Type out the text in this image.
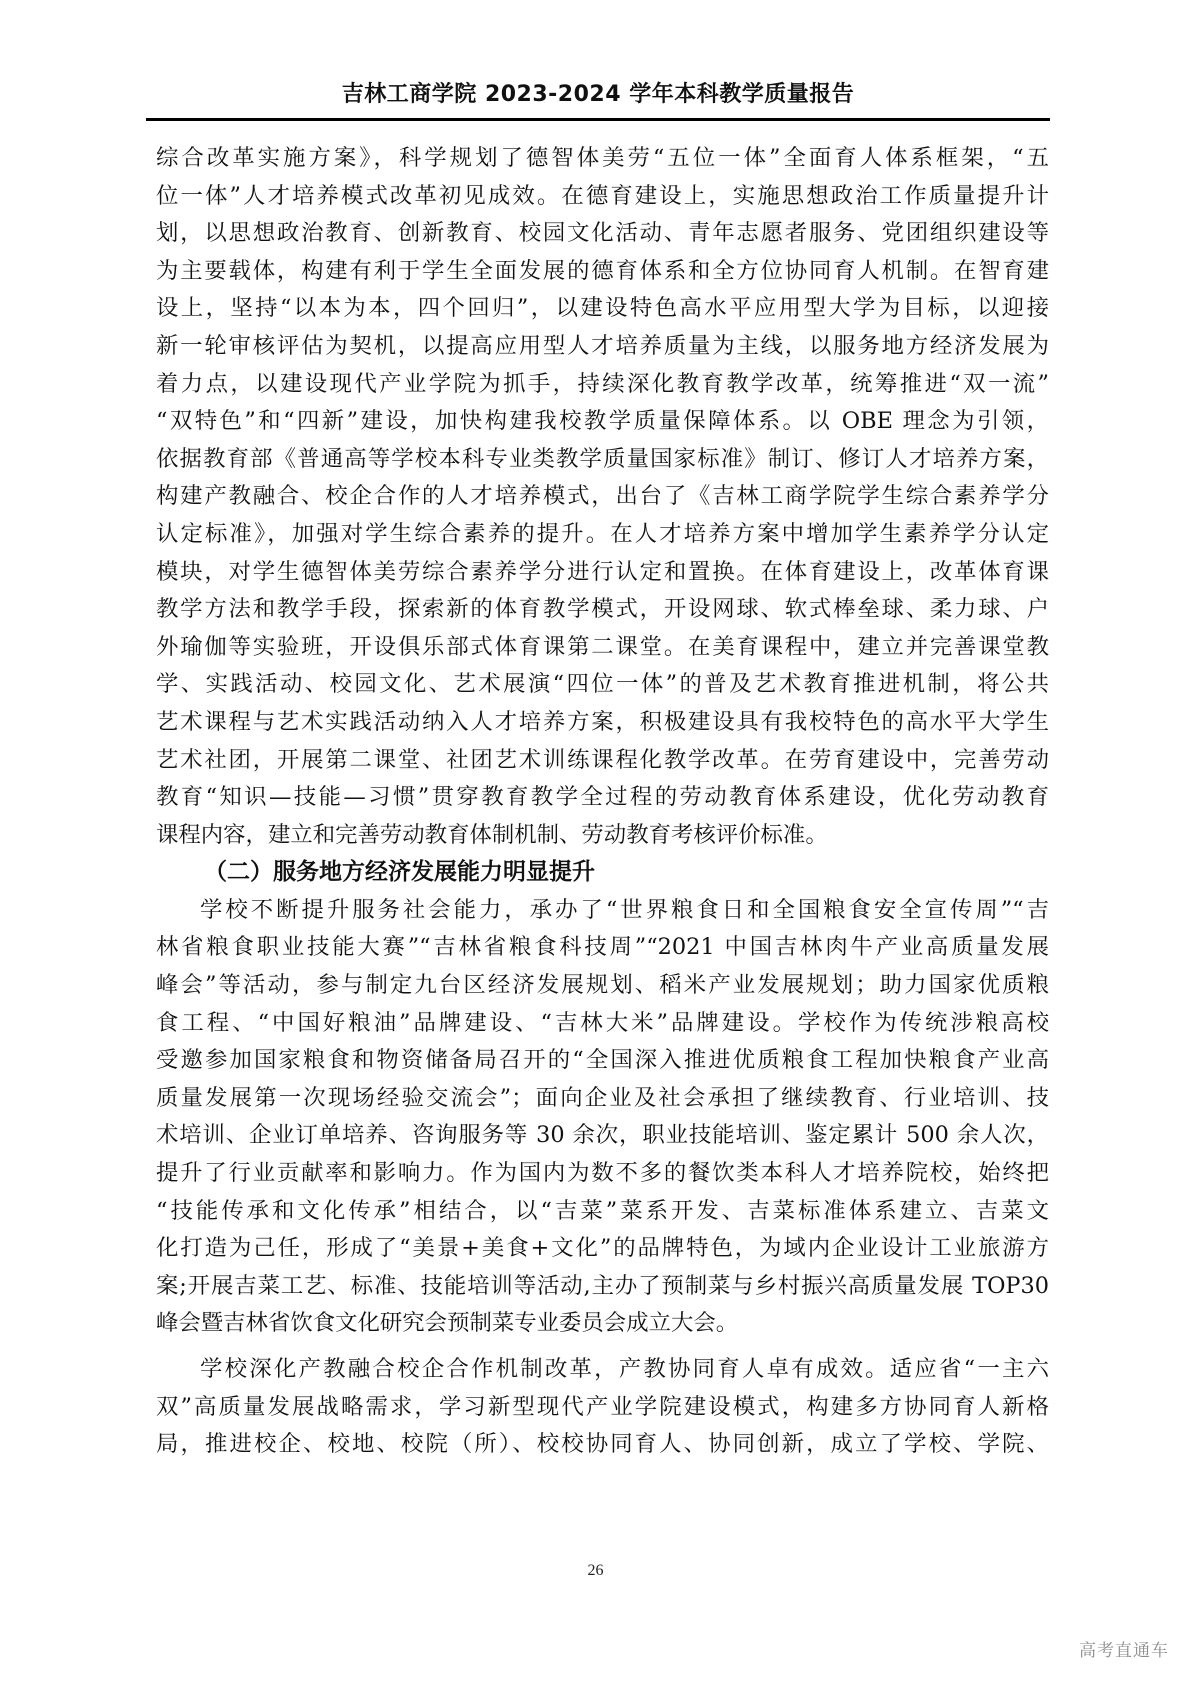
吉林工商学院 2023-2024 学年本科教学质量报告
综合改革实施方案》，科学规划了德智体美劳“五位一体”全面育人体系框架，“五
位一体”人才培养模式改革初见成效。在德育建设上，实施思想政治工作质量提升计
划，以思想政治教育、创新教育、校园文化活动、青年志愿者服务、党团组织建设等
为主要载体，构建有利于学生全面发展的德育体系和全方位协同育人机制。在智育建
设上，坚持“以本为本，四个回归”，以建设特色高水平应用型大学为目标，以迎接
新一轮审核评估为契机，以提高应用型人才培养质量为主线，以服务地方经济发展为
着力点，以建设现代产业学院为抓手，持续深化教育教学改革，统筹推进“双一流”
“双特色”和“四新”建设，加快构建我校教学质量保障体系。以 OBE 理念为引领，
依据教育部《普通高等学校本科专业类教学质量国家标准》制订、修订人才培养方案，
构建产教融合、校企合作的人才培养模式，出台了《吉林工商学院学生综合素养学分
认定标准》，加强对学生综合素养的提升。在人才培养方案中增加学生素养学分认定
模块，对学生德智体美劳综合素养学分进行认定和置换。在体育建设上，改革体育课
教学方法和教学手段，探索新的体育教学模式，开设网球、软式棒垒球、柔力球、户
外瑜伽等实验班，开设俱乐部式体育课第二课堂。在美育课程中，建立并完善课堂教
学、实践活动、校园文化、艺术展演“四位一体”的普及艺术教育推进机制，将公共
艺术课程与艺术实践活动纳入人才培养方案，积极建设具有我校特色的高水平大学生
艺术社团，开展第二课堂、社团艺术训练课程化教学改革。在劳育建设中，完善劳动
教育“知识—技能—习惯”贯穿教育教学全过程的劳动教育体系建设，优化劳动教育
课程内容，建立和完善劳动教育体制机制、劳动教育考核评价标准。
（二）服务地方经济发展能力明显提升
学校不断提升服务社会能力，承办了“世界粮食日和全国粮食安全宣传周”“吉
林省粮食职业技能大赛”“吉林省粮食科技周”“2021 中国吉林肉牛产业高质量发展
峰会”等活动，参与制定九台区经济发展规划、稻米产业发展规划；助力国家优质粮
食工程、“中国好粮油”品牌建设、“吉林大米”品牌建设。学校作为传统涉粮高校
受邀参加国家粮食和物资储备局召开的“全国深入推进优质粮食工程加快粮食产业高
质量发展第一次现场经验交流会”；面向企业及社会承担了继续教育、行业培训、技
术培训、企业订单培养、咨询服务等 30 余次，职业技能培训、鉴定累计 500 余人次，
提升了行业贡献率和影响力。作为国内为数不多的餐饮类本科人才培养院校，始终把
“技能传承和文化传承”相结合，以“吉菜”菜系开发、吉菜标准体系建立、吉菜文
化打造为己任，形成了“美景+美食+文化”的品牌特色，为域内企业设计工业旅游方
案;开展吉菜工艺、标准、技能培训等活动,主办了预制菜与乡村振兴高质量发展 TOP30
峰会暨吉林省饮食文化研究会预制菜专业委员会成立大会。
学校深化产教融合校企合作机制改革，产教协同育人卓有成效。适应省“一主六
双”高质量发展战略需求，学习新型现代产业学院建设模式，构建多方协同育人新格
局，推进校企、校地、校院（所）、校校协同育人、协同创新，成立了学校、学院、
26
高考直通车
